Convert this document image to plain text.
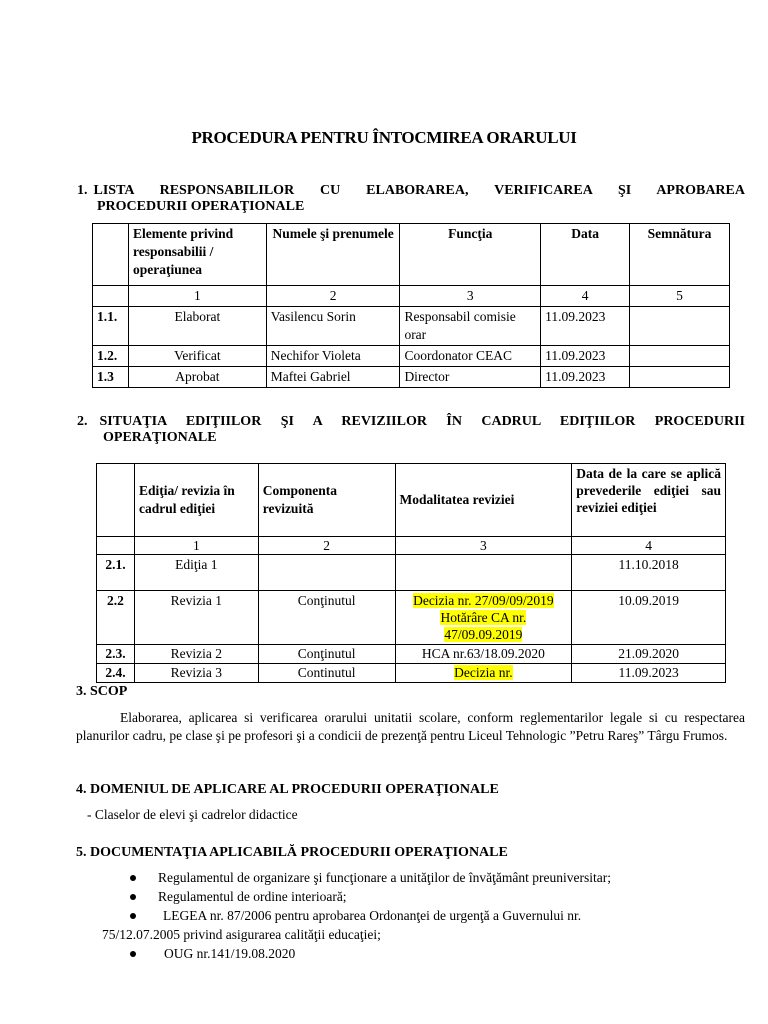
PROCEDURA PENTRU ÎNTOCMIREA ORARULUI
1. LISTA RESPONSABILILOR CU ELABORAREA, VERIFICAREA ŞI APROBAREA
PROCEDURII OPERAŢIONALE
	Elemente privind responsabilii / operaţiunea	Numele şi prenumele	Funcţia	Data	Semnătura
	1	2	3	4	5
1.1.	Elaborat	Vasilencu Sorin	Responsabil comisie orar	11.09.2023	
1.2.	Verificat	Nechifor Violeta	Coordonator CEAC	11.09.2023	
1.3	Aprobat	Maftei Gabriel	Director	11.09.2023	
2. SITUAŢIA EDIŢIILOR ŞI A REVIZIILOR ÎN CADRUL EDIŢIILOR PROCEDURII
OPERAŢIONALE
	Ediţia/ revizia în cadrul ediţiei	Componenta revizuită	Modalitatea reviziei	Data de la care se aplică prevederile ediţiei sau reviziei ediţiei
	1	2	3	4
2.1.	Ediţia 1			11.10.2018
2.2	Revizia 1	Conţinutul	Decizia nr. 27/09/09/2019
Hotărâre CA nr.
47/09.09.2019	10.09.2019
2.3.	Revizia 2	Conţinutul	HCA nr.63/18.09.2020	21.09.2020
2.4.	Revizia 3	Continutul	Decizia nr.	11.09.2023
3. SCOP
Elaborarea, aplicarea si verificarea orarului unitatii scolare, conform reglementarilor legale si cu respectarea planurilor cadru, pe clase şi pe profesori şi a condicii de prezenţă pentru Liceul Tehnologic ”Petru Rareş” Târgu Frumos.
4. DOMENIUL DE APLICARE AL PROCEDURII OPERAŢIONALE
- Claselor de elevi şi cadrelor didactice
5. DOCUMENTAŢIA APLICABILĂ PROCEDURII OPERAŢIONALE
Regulamentul de organizare şi funcţionare a unităţilor de învăţământ preuniversitar;
Regulamentul de ordine interioară;
LEGEA nr. 87/2006 pentru aprobarea Ordonanţei de urgenţă a Guvernului nr.
75/12.07.2005 privind asigurarea calităţii educaţiei;
OUG nr.141/19.08.2020
